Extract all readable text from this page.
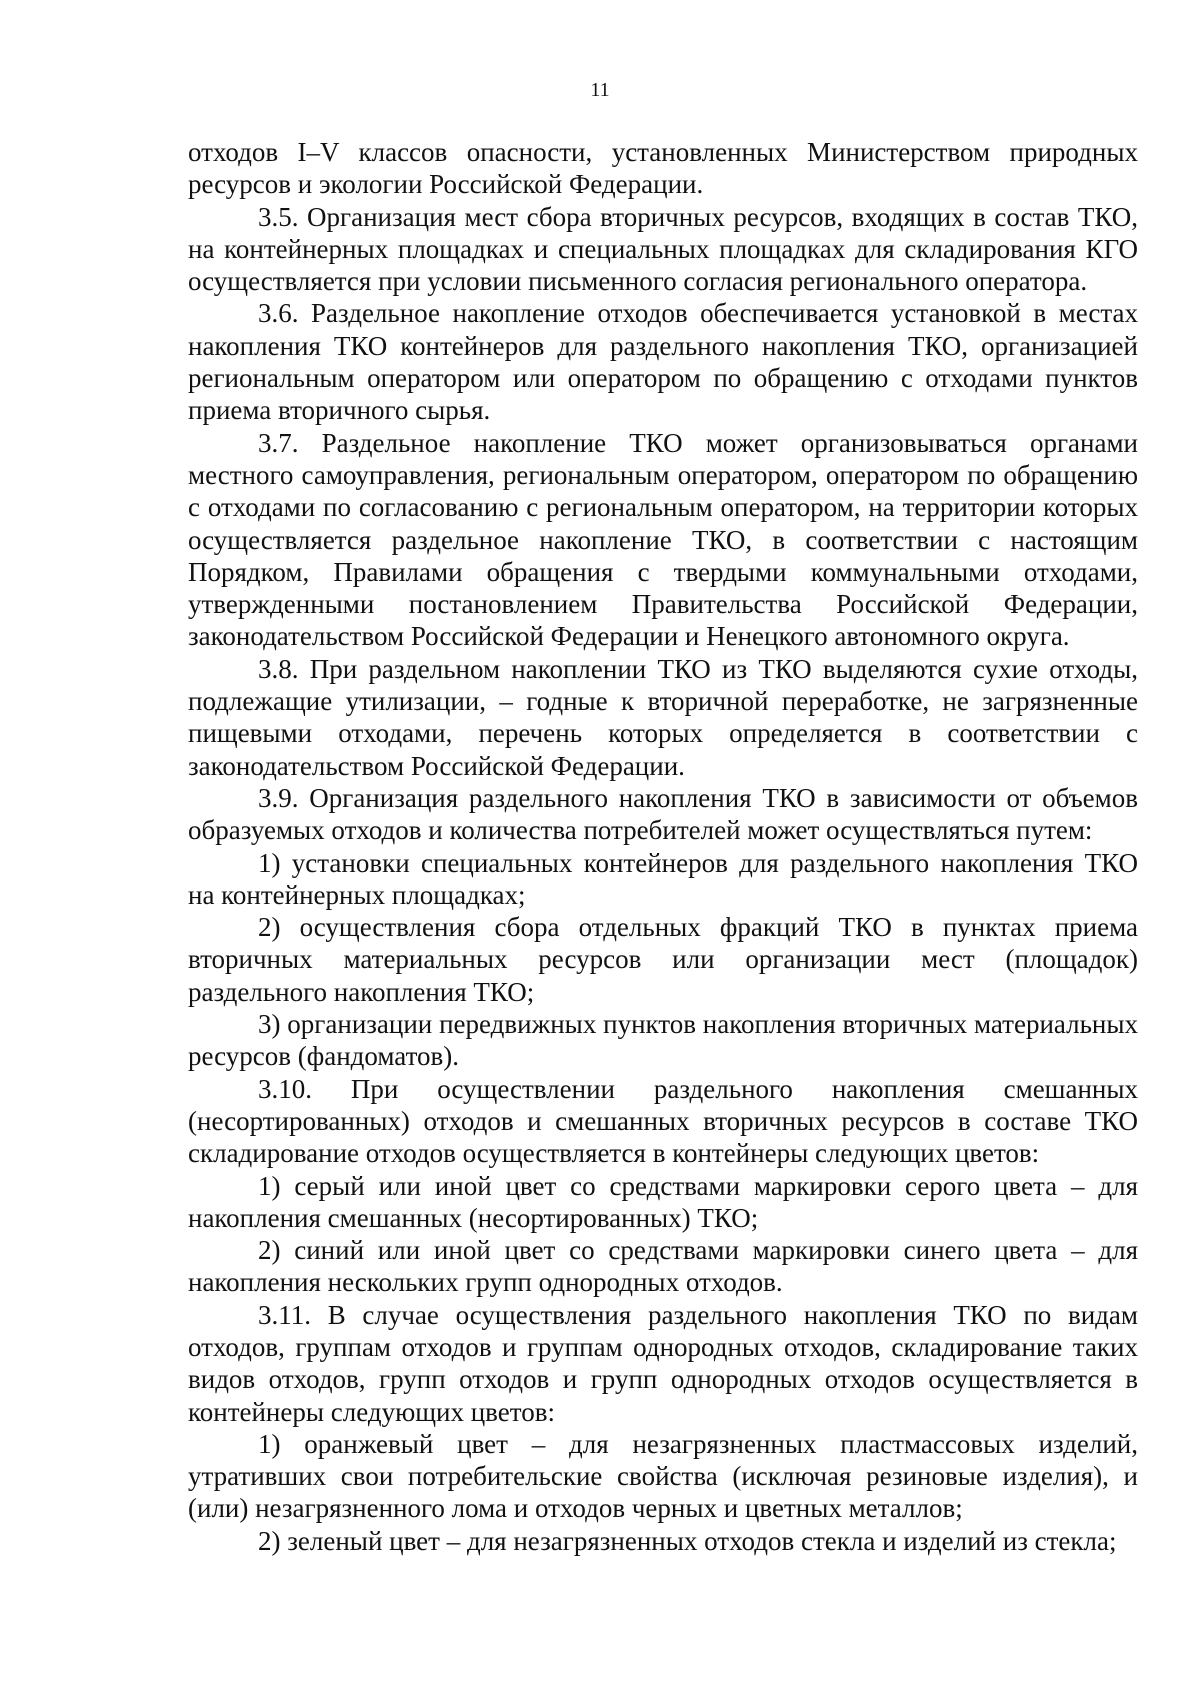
11

отходов I–V классов опасности, установленных Министерством природных ресурсов и экологии Российской Федерации.

3.5. Организация мест сбора вторичных ресурсов, входящих в состав ТКО, на контейнерных площадках и специальных площадках для складирования КГО осуществляется при условии письменного согласия регионального оператора.

3.6. Раздельное накопление отходов обеспечивается установкой в местах накопления ТКО контейнеров для раздельного накопления ТКО, организацией региональным оператором или оператором по обращению с отходами пунктов приема вторичного сырья.

3.7. Раздельное накопление ТКО может организовываться органами местного самоуправления, региональным оператором, оператором по обращению с отходами по согласованию с региональным оператором, на территории которых осуществляется раздельное накопление ТКО, в соответствии с настоящим Порядком, Правилами обращения с твердыми коммунальными отходами, утвержденными постановлением Правительства Российской Федерации, законодательством Российской Федерации и Ненецкого автономного округа.

3.8. При раздельном накоплении ТКО из ТКО выделяются сухие отходы, подлежащие утилизации, – годные к вторичной переработке, не загрязненные пищевыми отходами, перечень которых определяется в соответствии с законодательством Российской Федерации.

3.9. Организация раздельного накопления ТКО в зависимости от объемов образуемых отходов и количества потребителей может осуществляться путем:

1) установки специальных контейнеров для раздельного накопления ТКО на контейнерных площадках;

2) осуществления сбора отдельных фракций ТКО в пунктах приема вторичных материальных ресурсов или организации мест (площадок) раздельного накопления ТКО;

3) организации передвижных пунктов накопления вторичных материальных ресурсов (фандоматов).

3.10. При осуществлении раздельного накопления смешанных (несортированных) отходов и смешанных вторичных ресурсов в составе ТКО складирование отходов осуществляется в контейнеры следующих цветов:

1) серый или иной цвет со средствами маркировки серого цвета – для накопления смешанных (несортированных) ТКО;

2) синий или иной цвет со средствами маркировки синего цвета – для накопления нескольких групп однородных отходов.

3.11. В случае осуществления раздельного накопления ТКО по видам отходов, группам отходов и группам однородных отходов, складирование таких видов отходов, групп отходов и групп однородных отходов осуществляется в контейнеры следующих цветов:

1) оранжевый цвет – для незагрязненных пластмассовых изделий, утративших свои потребительские свойства (исключая резиновые изделия), и (или) незагрязненного лома и отходов черных и цветных металлов;

2) зеленый цвет – для незагрязненных отходов стекла и изделий из стекла;
